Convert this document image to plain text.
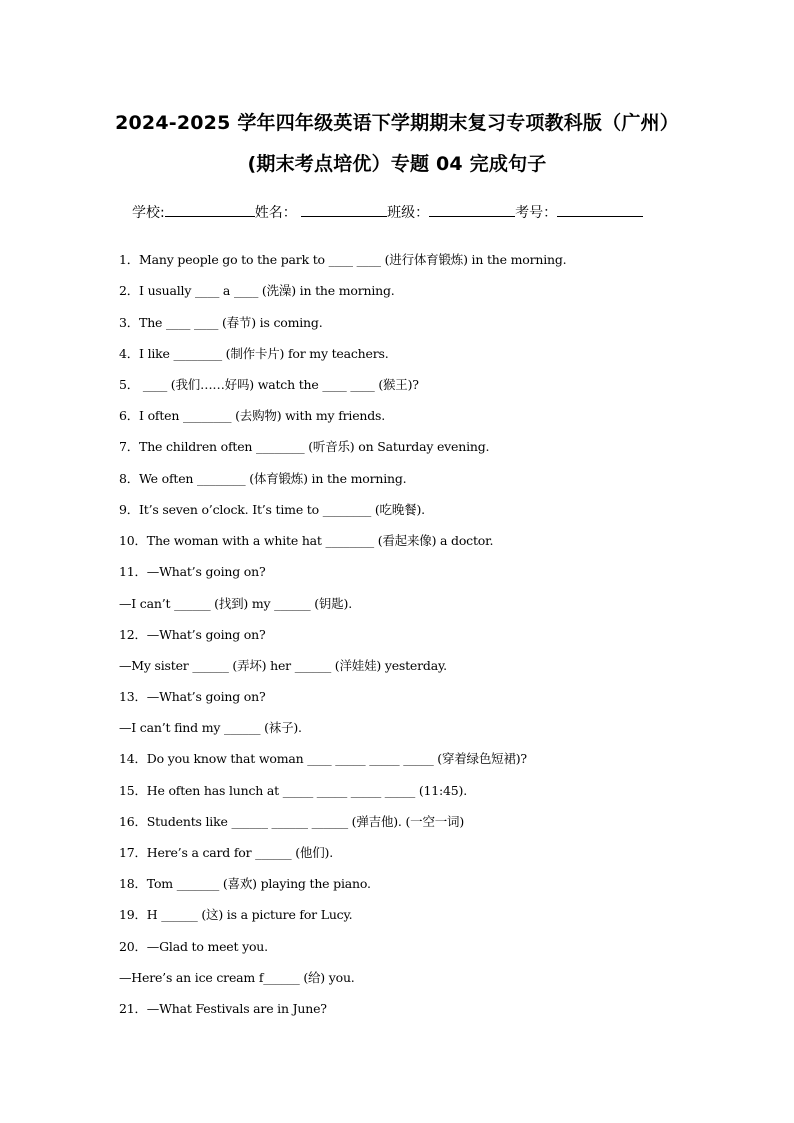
2024-2025 学年四年级英语下学期期末复习专项教科版（广州）
(期末考点培优）专题 04 完成句子
学校:	姓名：	班级：	考号：
1．Many people go to the park to ____ ____ (进行体育锻炼) in the morning.
2．I usually ____ a ____ (洗澡) in the morning.
3．The ____ ____ (春节) is coming.
4．I like ________ (制作卡片) for my teachers.
5． ____ (我们……好吗) watch the ____ ____ (猴王)?
6．I often ________ (去购物) with my friends.
7．The children often ________ (听音乐) on Saturday evening.
8．We often ________ (体育锻炼) in the morning.
9．It’s seven o’clock. It’s time to ________ (吃晚餐).
10．The woman with a white hat ________ (看起来像) a doctor.
11．—What’s going on?
—I can’t ______ (找到) my ______ (钥匙).
12．—What’s going on?
—My sister ______ (弄坏) her ______ (洋娃娃) yesterday.
13．—What’s going on?
—I can’t find my ______ (袜子).
14．Do you know that woman ____ _____ _____ _____ (穿着绿色短裙)?
15．He often has lunch at _____ _____ _____ _____ (11:45).
16．Students like ______ ______ ______ (弹吉他). (一空一词)
17．Here’s a card for ______ (他们).
18．Tom _______ (喜欢) playing the piano.
19．H ______ (这) is a picture for Lucy.
20．—Glad to meet you.
—Here’s an ice cream f______ (给) you.
21．—What Festivals are in June?
